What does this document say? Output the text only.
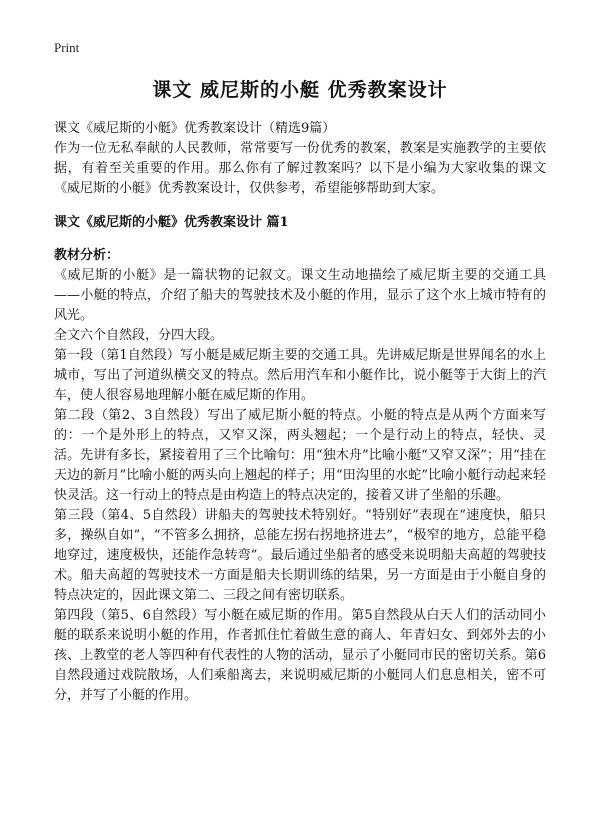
Print
课文 威尼斯的小艇 优秀教案设计
课文《威尼斯的小艇》优秀教案设计（精选9篇）

作为一位无私奉献的人民教师，常常要写一份优秀的教案，教案是实施教学的主要依据，有着至关重要的作用。那么你有了解过教案吗？以下是小编为大家收集的课文《威尼斯的小艇》优秀教案设计，仅供参考，希望能够帮助到大家。

课文《威尼斯的小艇》优秀教案设计 篇1
教材分析：

《威尼斯的小艇》是一篇状物的记叙文。课文生动地描绘了威尼斯主要的交通工具——小艇的特点，介绍了船夫的驾驶技术及小艇的作用，显示了这个水上城市特有的风光。

全文六个自然段，分四大段。

第一段（第1自然段）写小艇是威尼斯主要的交通工具。先讲威尼斯是世界闻名的水上城市，写出了河道纵横交叉的特点。然后用汽车和小艇作比，说小艇等于大街上的汽车，使人很容易地理解小艇在威尼斯的作用。

第二段（第2、3自然段）写出了威尼斯小艇的特点。小艇的特点是从两个方面来写的：一个是外形上的特点，又窄又深，两头翘起；一个是行动上的特点，轻快、灵活。先讲有多长，紧接着用了三个比喻句：用“独木舟”比喻小艇“又窄又深”；用“挂在天边的新月”比喻小艇的两头向上翘起的样子；用“田沟里的水蛇”比喻小艇行动起来轻快灵活。这一行动上的特点是由构造上的特点决定的，接着又讲了坐船的乐趣。

第三段（第4、5自然段）讲船夫的驾驶技术特别好。“特别好”表现在“速度快，船只多，操纵自如”，“不管多么拥挤，总能左拐右拐地挤进去”，“极窄的地方，总能平稳地穿过，速度极快，还能作急转弯”。最后通过坐船者的感受来说明船夫高超的驾驶技术。船夫高超的驾驶技术一方面是船夫长期训练的结果，另一方面是由于小艇自身的特点决定的，因此课文第二、三段之间有密切联系。

第四段（第5、6自然段）写小艇在威尼斯的作用。第5自然段从白天人们的活动同小艇的联系来说明小艇的作用，作者抓住忙着做生意的商人、年青妇女、到郊外去的小孩、上教堂的老人等四种有代表性的人物的活动，显示了小艇同市民的密切关系。第6自然段通过戏院散场，人们乘船离去，来说明威尼斯的小艇同人们息息相关，密不可分，并写了小艇的作用。
